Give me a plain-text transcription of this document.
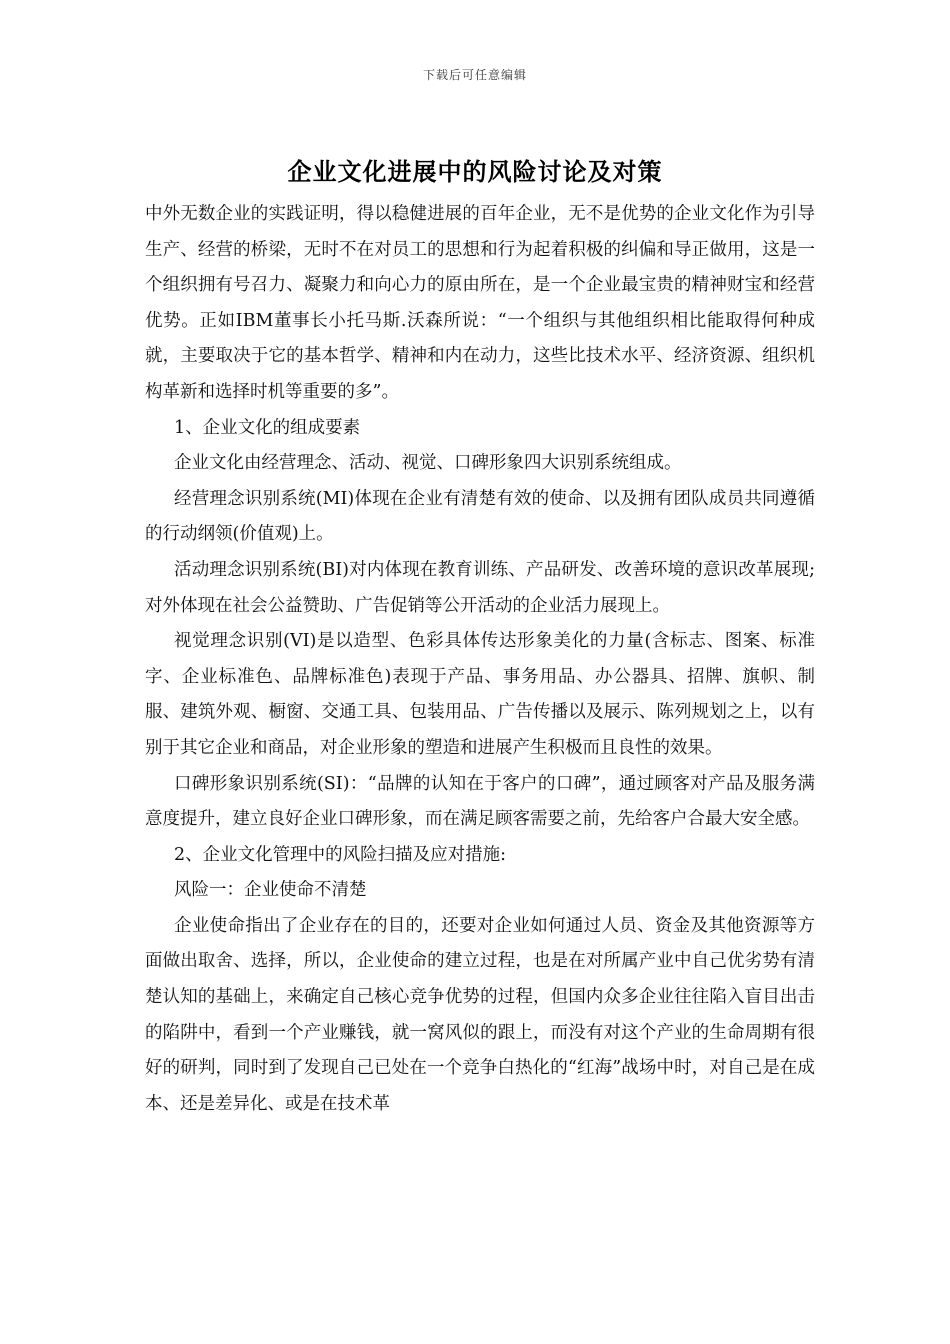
下载后可任意编辑
企业文化进展中的风险讨论及对策

中外无数企业的实践证明，得以稳健进展的百年企业，无不是优势的企业文化作为引导生产、经营的桥梁，无时不在对员工的思想和行为起着积极的纠偏和导正做用，这是一个组织拥有号召力、凝聚力和向心力的原由所在，是一个企业最宝贵的精神财宝和经营优势。正如IBM董事长小托马斯.沃森所说：“一个组织与其他组织相比能取得何种成就，主要取决于它的基本哲学、精神和内在动力，这些比技术水平、经济资源、组织机构革新和选择时机等重要的多”。

1、企业文化的组成要素

企业文化由经营理念、活动、视觉、口碑形象四大识别系统组成。

经营理念识别系统(MI)体现在企业有清楚有效的使命、以及拥有团队成员共同遵循的行动纲领(价值观)上。

活动理念识别系统(BI)对内体现在教育训练、产品研发、改善环境的意识改革展现;对外体现在社会公益赞助、广告促销等公开活动的企业活力展现上。

视觉理念识别(VI)是以造型、色彩具体传达形象美化的力量(含标志、图案、标准字、企业标准色、品牌标准色)表现于产品、事务用品、办公器具、招牌、旗帜、制服、建筑外观、橱窗、交通工具、包装用品、广告传播以及展示、陈列规划之上，以有别于其它企业和商品，对企业形象的塑造和进展产生积极而且良性的效果。

口碑形象识别系统(SI)：“品牌的认知在于客户的口碑”，通过顾客对产品及服务满意度提升，建立良好企业口碑形象，而在满足顾客需要之前，先给客户合最大安全感。

2、企业文化管理中的风险扫描及应对措施:

风险一：企业使命不清楚

企业使命指出了企业存在的目的，还要对企业如何通过人员、资金及其他资源等方面做出取舍、选择，所以，企业使命的建立过程，也是在对所属产业中自己优劣势有清楚认知的基础上，来确定自己核心竞争优势的过程，但国内众多企业往往陷入盲目出击的陷阱中，看到一个产业赚钱，就一窝风似的跟上，而没有对这个产业的生命周期有很好的研判，同时到了发现自己已处在一个竞争白热化的“红海”战场中时，对自己是在成本、还是差异化、或是在技术革
